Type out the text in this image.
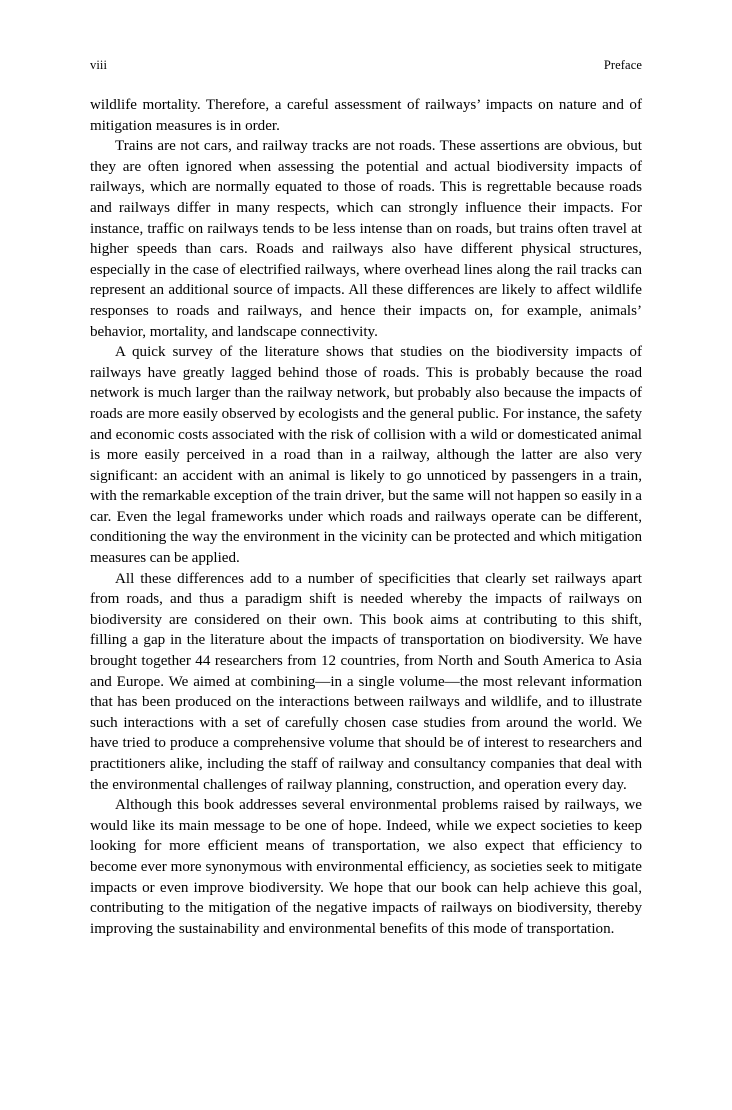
viii	Preface

wildlife mortality. Therefore, a careful assessment of railways’ impacts on nature and of mitigation measures is in order.

Trains are not cars, and railway tracks are not roads. These assertions are obvious, but they are often ignored when assessing the potential and actual biodiversity impacts of railways, which are normally equated to those of roads. This is regrettable because roads and railways differ in many respects, which can strongly influence their impacts. For instance, traffic on railways tends to be less intense than on roads, but trains often travel at higher speeds than cars. Roads and railways also have different physical structures, especially in the case of electrified railways, where overhead lines along the rail tracks can represent an additional source of impacts. All these differences are likely to affect wildlife responses to roads and railways, and hence their impacts on, for example, animals’ behavior, mortality, and landscape connectivity.

A quick survey of the literature shows that studies on the biodiversity impacts of railways have greatly lagged behind those of roads. This is probably because the road network is much larger than the railway network, but probably also because the impacts of roads are more easily observed by ecologists and the general public. For instance, the safety and economic costs associated with the risk of collision with a wild or domesticated animal is more easily perceived in a road than in a railway, although the latter are also very significant: an accident with an animal is likely to go unnoticed by passengers in a train, with the remarkable exception of the train driver, but the same will not happen so easily in a car. Even the legal frameworks under which roads and railways operate can be different, conditioning the way the environment in the vicinity can be protected and which mitigation measures can be applied.

All these differences add to a number of specificities that clearly set railways apart from roads, and thus a paradigm shift is needed whereby the impacts of railways on biodiversity are considered on their own. This book aims at contributing to this shift, filling a gap in the literature about the impacts of transportation on biodiversity. We have brought together 44 researchers from 12 countries, from North and South America to Asia and Europe. We aimed at combining—in a single volume—the most relevant information that has been produced on the interactions between railways and wildlife, and to illustrate such interactions with a set of carefully chosen case studies from around the world. We have tried to produce a comprehensive volume that should be of interest to researchers and practitioners alike, including the staff of railway and consultancy companies that deal with the environmental challenges of railway planning, construction, and operation every day.

Although this book addresses several environmental problems raised by railways, we would like its main message to be one of hope. Indeed, while we expect societies to keep looking for more efficient means of transportation, we also expect that efficiency to become ever more synonymous with environmental efficiency, as societies seek to mitigate impacts or even improve biodiversity. We hope that our book can help achieve this goal, contributing to the mitigation of the negative impacts of railways on biodiversity, thereby improving the sustainability and environmental benefits of this mode of transportation.
